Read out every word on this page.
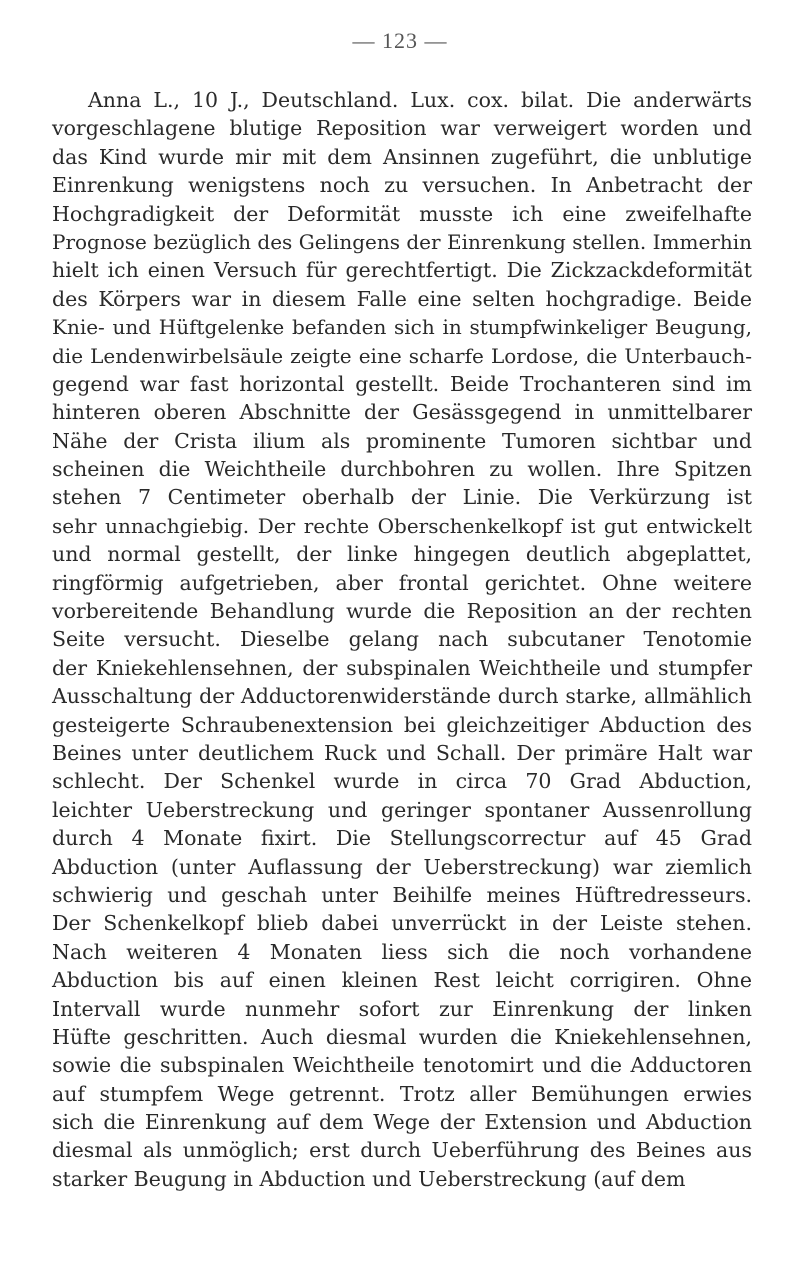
— 123 —
Anna L., 10 J., Deutschland. Lux. cox. bilat. Die anderwärts
vorgeschlagene blutige Reposition war verweigert worden und
das Kind wurde mir mit dem Ansinnen zugeführt, die unblutige
Einrenkung wenigstens noch zu versuchen. In Anbetracht der
Hochgradigkeit der Deformität musste ich eine zweifelhafte
Prognose bezüglich des Gelingens der Einrenkung stellen. Immerhin
hielt ich einen Versuch für gerechtfertigt. Die Zickzackdeformität
des Körpers war in diesem Falle eine selten hochgradige. Beide
Knie- und Hüftgelenke befanden sich in stumpfwinkeliger Beugung,
die Lendenwirbelsäule zeigte eine scharfe Lordose, die Unterbauch-
gegend war fast horizontal gestellt. Beide Trochanteren sind im
hinteren oberen Abschnitte der Gesässgegend in unmittelbarer
Nähe der Crista ilium als prominente Tumoren sichtbar und
scheinen die Weichtheile durchbohren zu wollen. Ihre Spitzen
stehen 7 Centimeter oberhalb der Linie. Die Verkürzung ist
sehr unnachgiebig. Der rechte Oberschenkelkopf ist gut entwickelt
und normal gestellt, der linke hingegen deutlich abgeplattet,
ringförmig aufgetrieben, aber frontal gerichtet. Ohne weitere
vorbereitende Behandlung wurde die Reposition an der rechten
Seite versucht. Dieselbe gelang nach subcutaner Tenotomie
der Kniekehlensehnen, der subspinalen Weichtheile und stumpfer
Ausschaltung der Adductorenwiderstände durch starke, allmählich
gesteigerte Schraubenextension bei gleichzeitiger Abduction des
Beines unter deutlichem Ruck und Schall. Der primäre Halt war
schlecht. Der Schenkel wurde in circa 70 Grad Abduction,
leichter Ueberstreckung und geringer spontaner Aussenrollung
durch 4 Monate fixirt. Die Stellungscorrectur auf 45 Grad
Abduction (unter Auflassung der Ueberstreckung) war ziemlich
schwierig und geschah unter Beihilfe meines Hüftredresseurs.
Der Schenkelkopf blieb dabei unverrückt in der Leiste stehen.
Nach weiteren 4 Monaten liess sich die noch vorhandene
Abduction bis auf einen kleinen Rest leicht corrigiren. Ohne
Intervall wurde nunmehr sofort zur Einrenkung der linken
Hüfte geschritten. Auch diesmal wurden die Kniekehlensehnen,
sowie die subspinalen Weichtheile tenotomirt und die Adductoren
auf stumpfem Wege getrennt. Trotz aller Bemühungen erwies
sich die Einrenkung auf dem Wege der Extension und Abduction
diesmal als unmöglich; erst durch Ueberführung des Beines aus
starker Beugung in Abduction und Ueberstreckung (auf dem
